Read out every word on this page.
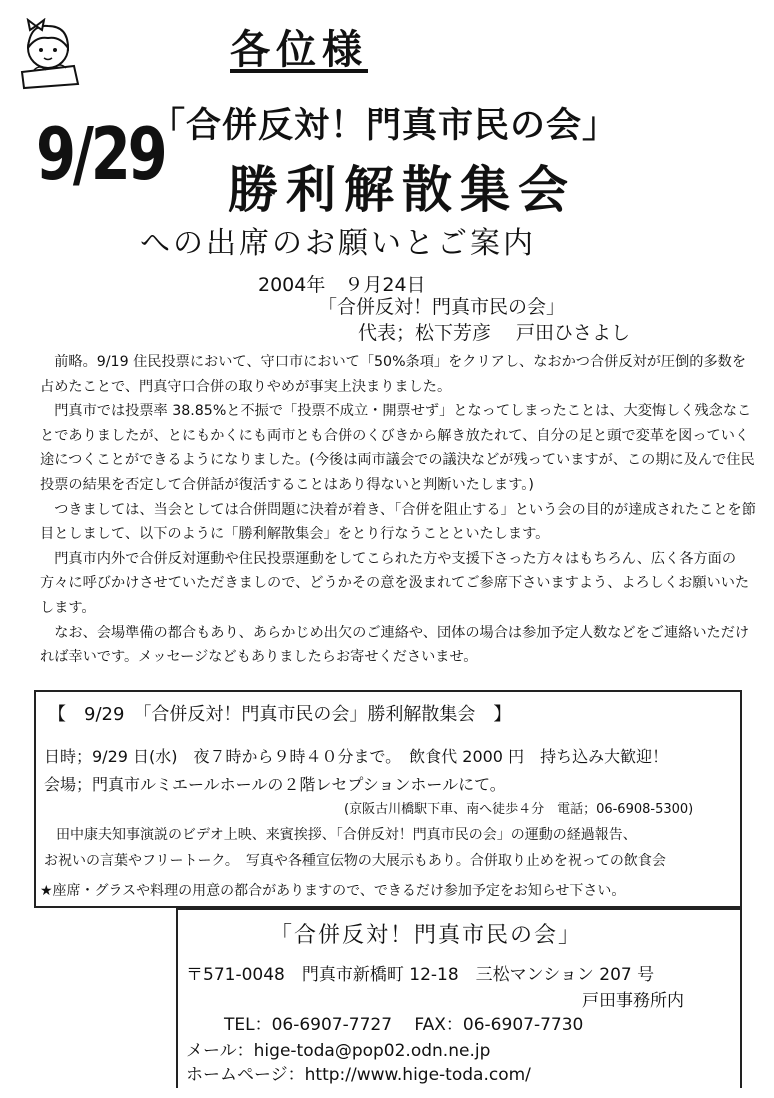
各位様
9/29
「合併反対！門真市民の会」
勝利解散集会
への出席のお願いとご案内
2004年　９月24日
「合併反対！門真市民の会」
代表；松下芳彦　 戸田ひさよし

前略。9/19 住民投票において、守口市において「50%条項」をクリアし、なおかつ合併反対が圧倒的多数を占めたことで、門真守口合併の取りやめが事実上決まりました。

門真市では投票率 38.85%と不振で「投票不成立・開票せず」となってしまったことは、大変悔しく残念なことでありましたが、とにもかくにも両市とも合併のくびきから解き放たれて、自分の足と頭で変革を図っていく途につくことができるようになりました。(今後は両市議会での議決などが残っていますが、この期に及んで住民投票の結果を否定して合併話が復活することはあり得ないと判断いたします。)

つきましては、当会としては合併問題に決着が着き、「合併を阻止する」という会の目的が達成されたことを節目としまして、以下のように「勝利解散集会」をとり行なうことといたします。

門真市内外で合併反対運動や住民投票運動をしてこられた方や支援下さった方々はもちろん、広く各方面の方々に呼びかけさせていただきましので、どうかその意を汲まれてご参席下さいますよう、よろしくお願いいたします。

なお、会場準備の都合もあり、あらかじめ出欠のご連絡や、団体の場合は参加予定人数などをご連絡いただければ幸いです。メッセージなどもありましたらお寄せくださいませ。

【　9/29　「合併反対！門真市民の会」勝利解散集会　】
日時；9/29 日(水)　夜７時から９時４０分まで。　飲食代 2000 円　持ち込み大歓迎！
会場；門真市ルミエールホールの２階レセプションホールにて。
(京阪古川橋駅下車、南へ徒歩４分　電話；06-6908-5300)
田中康夫知事演説のビデオ上映、来賓挨拶、「合併反対！門真市民の会」の運動の経過報告、
お祝いの言葉やフリートーク。　写真や各種宣伝物の大展示もあり。合併取り止めを祝っての飲食会
★座席・グラスや料理の用意の都合がありますので、できるだけ参加予定をお知らせ下さい。
「合併反対！門真市民の会」
〒571-0048　門真市新橋町 12-18　三松マンション 207 号
戸田事務所内
TEL：06-6907-7727　 FAX：06-6907-7730
メール：hige-toda@pop02.odn.ne.jp
ホームページ：http://www.hige-toda.com/
